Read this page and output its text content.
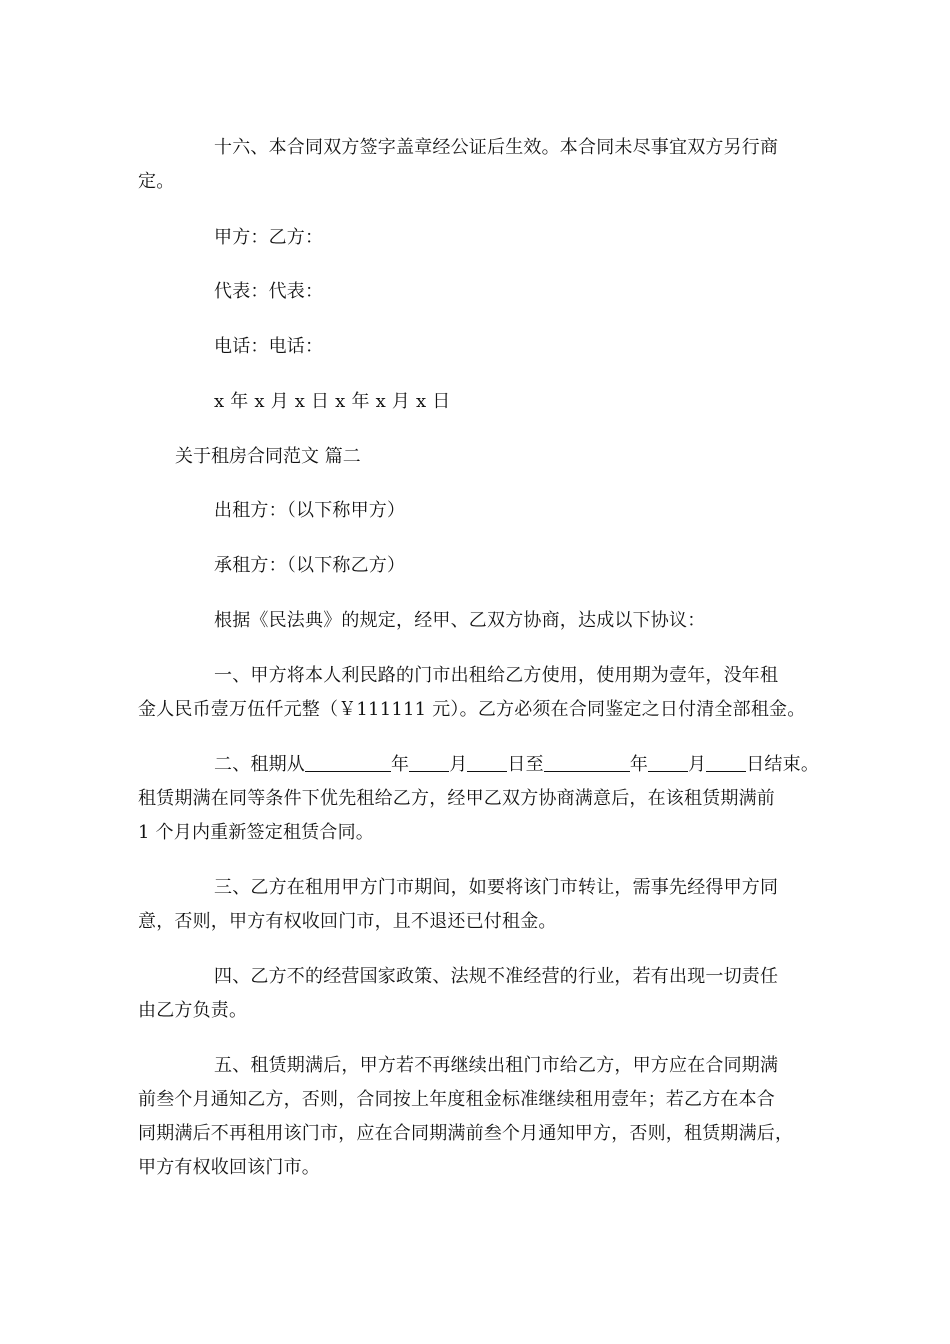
十六、本合同双方签字盖章经公证后生效。本合同未尽事宜双方另行商
定。

甲方：乙方：

代表：代表：

电话：电话：

x 年 x 月 x 日 x 年 x 月 x 日

关于租房合同范文 篇二

出租方：（以下称甲方）

承租方：（以下称乙方）

根据《民法典》的规定，经甲、乙双方协商，达成以下协议：

一、甲方将本人利民路的门市出租给乙方使用，使用期为壹年，没年租
金人民币壹万伍仟元整（￥111111 元）。乙方必须在合同鉴定之日付清全部租金。

二、租期从	年 月 日至	年 月 日结束。
租赁期满在同等条件下优先租给乙方，经甲乙双方协商满意后，在该租赁期满前
1 个月内重新签定租赁合同。

三、乙方在租用甲方门市期间，如要将该门市转让，需事先经得甲方同
意，否则，甲方有权收回门市，且不退还已付租金。

四、乙方不的经营国家政策、法规不准经营的行业，若有出现一切责任
由乙方负责。

五、租赁期满后，甲方若不再继续出租门市给乙方，甲方应在合同期满
前叁个月通知乙方，否则，合同按上年度租金标准继续租用壹年；若乙方在本合
同期满后不再租用该门市，应在合同期满前叁个月通知甲方，否则，租赁期满后，
甲方有权收回该门市。
